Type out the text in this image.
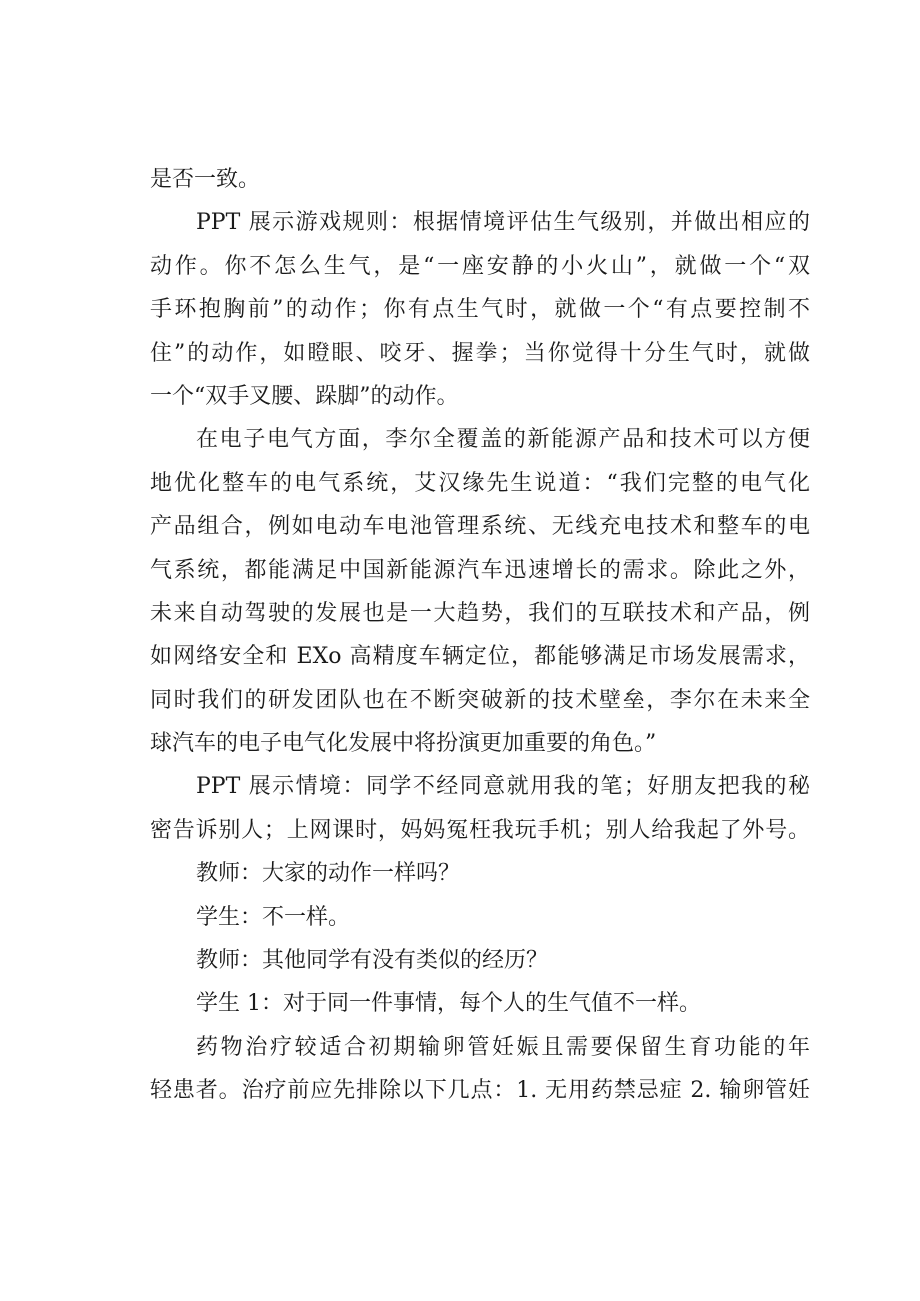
是否一致。
PPT 展示游戏规则：根据情境评估生气级别，并做出相应的
动作。你不怎么生气，是“一座安静的小火山”，就做一个“双
手环抱胸前”的动作；你有点生气时，就做一个“有点要控制不
住”的动作，如瞪眼、咬牙、握拳；当你觉得十分生气时，就做
一个“双手叉腰、跺脚”的动作。
在电子电气方面，李尔全覆盖的新能源产品和技术可以方便
地优化整车的电气系统，艾汉缘先生说道：“我们完整的电气化
产品组合，例如电动车电池管理系统、无线充电技术和整车的电
气系统，都能满足中国新能源汽车迅速增长的需求。除此之外，
未来自动驾驶的发展也是一大趋势，我们的互联技术和产品，例
如网络安全和 EXo 高精度车辆定位，都能够满足市场发展需求，
同时我们的研发团队也在不断突破新的技术壁垒，李尔在未来全
球汽车的电子电气化发展中将扮演更加重要的角色。”
PPT 展示情境：同学不经同意就用我的笔；好朋友把我的秘
密告诉别人；上网课时，妈妈冤枉我玩手机；别人给我起了外号。
教师：大家的动作一样吗？
学生：不一样。
教师：其他同学有没有类似的经历？
学生 1：对于同一件事情，每个人的生气值不一样。
药物治疗较适合初期输卵管妊娠且需要保留生育功能的年
轻患者。治疗前应先排除以下几点：1. 无用药禁忌症 2. 输卵管妊
